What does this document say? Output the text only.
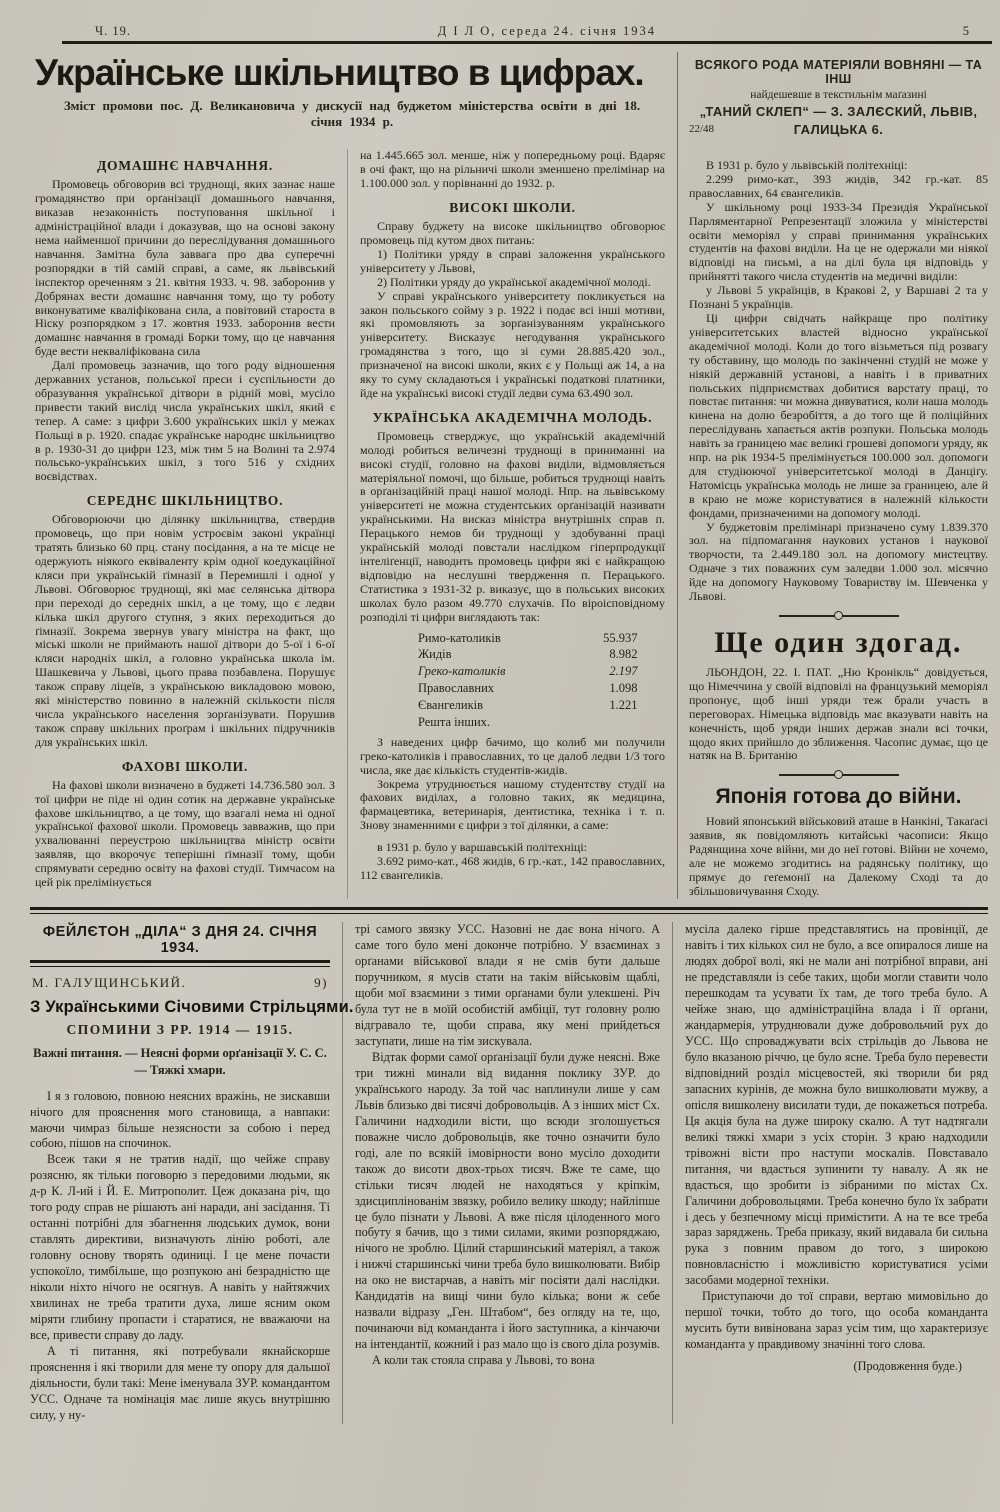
Ч. 19.	Д І Л О, середа 24. січня 1934	5
Українське шкільництво в цифрах.
Зміст промови пос. Д. Великановича у дискусії над буджетом міністерства освіти в дні 18. січня 1934 р.
ДОМАШНЄ НАВЧАННЯ.

Промовець обговорив всі труднощі, яких зазнає наше громадянство при орґанізації домашнього навчання, виказав незаконність поступовання шкільної і адміністраційної влади і доказував, що на основі закону нема найменшої причини до переслідування домашнього навчання. Замітна була заввага про два суперечні розпорядки в тій самій справі, а саме, як львівський інспектор oреченням з 21. квітня 1933. ч. 98. заборонив у Добрянах вести домашнє навчання тому, що ту роботу виконуватиме кваліфікована сила, а повітовий староста в Ніску розпорядком з 17. жовтня 1933. заборонив вести домашнє навчання в громаді Борки тому, що це навчання буде вести некваліфікована сила

Далі промовець зазначив, що того роду відношення державних установ, польської преси і суспільности до образування української дітвори в рідній мові, мусіло привести такий вислід числа українських шкіл, який є тепер. А саме: з цифри 3.600 українських шкіл у межах Польщі в р. 1920. спадає українське народнє шкільництво в р. 1930-31 до цифри 123, між тим 5 на Волині та 2.974 польсько-українських шкіл, з того 516 у східних воєвідствах.

СЕРЕДНЄ ШКІЛЬНИЦТВО.

Обговорюючи цю ділянку шкільництва, ствердив промовець, що при новім устроєвім законі українці тратять близько 60 прц. стану посідання, а на те місце не одержують ніякого еквіваленту крім одної коедукаційної кляси при українській ґімназії в Перемишлі і одної у Львові. Обговорює труднощі, які має селянська дітвора при переході до середніх шкіл, а це тому, що є ледви кілька шкіл другого ступня, з яких переходиться до ґімназії. Зокрема звернув увагу міністра на факт, що міські школи не приймають нашої дітвори до 5-ої і 6-ої кляси народніх шкіл, а головно українська школа ім. Шашкевича у Львові, цього права позбавлена. Порушує також справу ліцеїв, з українською викладовою мовою, які міністерство повинно в належній скількости після числа українського населення зорґанізувати. Порушив також справу шкільних проґрам і шкільних підручників для українських шкіл.

ФАХОВІ ШКОЛИ.

На фахові школи визначено в буджеті 14.736.580 зол. З тої цифри не піде ні один сотик на державне українське фахове шкільництво, а це тому, що взагалі нема ні одної української фахової школи. Промовець завважив, що при ухвалюванні переустрою шкільництва міністр освіти заявляв, що вкорочує теперішні ґімназії тому, щоби спрямувати середню освіту на фахові студії. Тимчасом на цей рік прелімінується

на 1.445.665 зол. менше, ніж у попередньому році. Вдаряє в очі факт, що на рільничі школи зменшено прелімінар на 1.100.000 зол. у порівнанні до 1932. р.

ВИСОКІ ШКОЛИ.

Справу буджету на високе шкільництво обговорює промовець під кутом двох питань:

1) Політики уряду в справі заложення українського університету у Львові,

2) Політики уряду до української академічної молоді.

У справі українського університету покликується на закон польського сойму з р. 1922 і подає всі інші мотиви, які промовляють за зорґанізуванням українського університету. Висказує негодування українського громадянства з того, що зі суми 28.885.420 зол., призначеної на високі школи, яких є у Польщі аж 14, а на яку то суму складаються і українські податкові платники, йде на українські високі студії ледви сума 63.490 зол.

УКРАЇНСЬКА АКАДЕМІЧНА МОЛОДЬ.

Промовець стверджує, що українській академічній молоді робиться величезні труднощі в приниманні на високі студії, головно на фахові виділи, відмовляється матеріяльної помочі, що більше, робиться труднощі навіть в орґанізаційній праці нашої молоді. Нпр. на львівському університеті не можна студентських орґанізацій називати українськими. На висказ міністра внутрішніх справ п. Перацького немов би труднощі у здобуванні праці українській молоді повстали наслідком гіперпродукції інтеліґенції, наводить промовець цифри які є найкращою відповідю на неслушні твердження п. Перацького. Статистика з 1931-32 р. виказує, що в польських високих школах було разом 49.770 слухачів. По віроісповідному розподілі ті цифри виглядають так:

Римо-католиків	55.937
Жидів	8.982
Греко-католиків	2.197
Православних	1.098
Євангеликів	1.221
Решта інших.

З наведених цифр бачимо, що колиб ми получили греко-католиків і православних, то це далоб ледви 1/3 того числа, яке дає кількість студентів-жидів.

Зокрема утруднюється нашому студентству студії на фахових виділах, а головно таких, як медицина, фармацевтика, ветеринарія, дентистика, техніка і т. п. Знову знаменними є цифри з тої ділянки, а саме:

в 1931 р. було у варшавській політехніці:

3.692 римо-кат., 468 жидів, 6 гр.-кат., 142 православних, 112 євангеликів.

ВСЯКОГО РОДА МАТЕРІЯЛИ ВОВНЯНІ — ТА ІНШ
найдешевше в текстильнім маґазині
„ТАНИЙ СКЛЕП“ — З. ЗАЛЄСКИЙ, ЛЬВІВ,
ГАЛИЦЬКА 6.
22/48

В 1931 р. було у львівській політехніці:

2.299 римо-кат., 393 жидів, 342 гр.-кат. 85 православних, 64 євангеликів.

У шкільному році 1933-34 Президія Української Парляментарної Репрезентації зложила у міністерстві освіти меморіял у справі принимання українських студентів на фахові виділи. На це не одержали ми ніякої відповіді на письмі, а на ділі була ця відповідь у прийнятті такого числа студентів на медичні виділи:

у Львові 5 українців, в Кракові 2, у Варшаві 2 та у Познані 5 українців.

Ці цифри свідчать найкраще про політику університетських властей відносно української академічної молоді. Коли до того візьметься під розвагу ту обставину, що молодь по закінченні студій не може у ніякій державній установі, а навіть і в приватних польських підприємствах добитися варстату праці, то повстає питання: чи можна дивуватися, коли наша молодь кинена на долю безробіття, а до того ще й поліційних переслідувань хапається актів розпуки. Польська молодь навіть за границею має великі грошеві допомоги уряду, як нпр. на рік 1934-5 прелімінується 100.000 зол. допомоги для студіюючої університетської молоді в Данціґу. Натомісць українська молодь не лише за границею, але й в краю не може користуватися в належній кількости фондами, призначеними на допомогу молоді.

У буджетовім прелімінарі призначено суму 1.839.370 зол. на підпомагання наукових установ і наукової творчости, та 2.449.180 зол. на допомогу мистецтву. Одначе з тих поважних сум заледви 1.000 зол. місячно йде на допомогу Науковому Товариству ім. Шевченка у Львові.

Ще один здогад.

ЛЬОНДОН, 22. І. ПАТ. „Ню Кронікль“ довідується, що Німеччина у своїй відповілі на французький меморіял пропонує, щоб інші уряди теж брали участь в переговорах. Німецька відповідь має вказувати навіть на конечність, щоб уряди інших держав знали всі точки, щодо яких прийшло до зближення. Часопис думає, що це натяк на В. Британію

Японія готова до війни.

Новий японський військовий аташе в Нанкіні, Такаґасі заявив, як повідомляють китайські часописи: Якщо Радянщина хоче війни, ми до неї готові. Війни не хочемо, але не можемо згодитись на радянську політику, що прямує до геґемонії на Далекому Сході та до збільшовичування Сходу.

ФЕЙЛЄТОН „ДІЛА“ З ДНЯ 24. СІЧНЯ 1934.
М. ГАЛУЩИНСЬКИЙ.	9)
З Українськими Січовими Стрільцями.
СПОМИНИ З РР. 1914 — 1915.
Важні питання. — Неясні форми орґанізації У. С. С. — Тяжкі хмари.

І я з головою, повною неясних вражінь, не зискавши нічого для прояснення мого становища, а навпаки: маючи чимраз більше незясности за собою і перед собою, пішов на спочинок.

Всеж таки я не тратив надії, що чейже справу розясню, як тільки поговорю з передовими людьми, як д-р К. Л-ий і Й. Е. Митрополит. Цеж доказана річ, що того роду справ не рішають ані наради, ані засідання. Ті останні потрібні для збагнення людських думок, вони ставлять директиви, визначують лінію роботі, але головну основу творять одиниці. І це мене почасти успокоїло, тимбільше, що розпукою ані безрадністю ще ніколи ніхто нічого не осягнув. А навіть у найтяжчих хвилинах не треба тратити духа, лише ясним оком міряти глибину пропасти і старатися, не вважаючи на все, привести справу до ладу.

А ті питання, які потребували якнайскорше прояснення і які творили для мене ту опору для дальшої діяльности, були такі: Мене іменувала ЗУР. командантом УСС. Одначе та номінація має лише якусь внутрішню силу, у ну-

трі самого звязку УСС. Назовні не дає вона нічого. А саме того було мені доконче потрібно. У взаєминах з орґанами військової влади я не смів бути дальше поручником, я мусів стати на такім військовім щаблі, щоби мої взаємини з тими орґанами були улекшені. Річ була тут не в моїй особистій амбіції, тут головну ролю відгравало те, щоби справа, яку мені прийдеться заступати, лише на тім зискувала.

Відтак форми самої орґанізації були дуже неясні. Вже три тижні минали від видання покликy ЗУР. до українського народу. За той час наплинули лише у сам Львів близько дві тисячі добровольців. А з інших міст Сх. Галичини надходили вісти, що всюди зголошується поважне число добровольців, яке точно означити було годі, але по всякій імовірности воно мусіло доходити також до висоти двох-трьох тисяч. Вже те саме, що стільки тисяч людей не находяться у кріпкім, здисциплінованім звязку, робило велику шкоду; найліпше це було пізнати у Львові. А вже після цілоденного мого побуту я бачив, що з тими силами, якими розпоряджаю, нічого не зроблю. Цілий старшинський матеріял, а також і нижчі старшинські чини треба було вишколювати. Вибір на око не вистарчав, а навіть міг посіяти далі наслідки. Кандидатів на вищі чини було кілька; вони ж себе назвали відразу „Ген. Штабом“, без огляду на те, що, починаючи від команданта і його заступника, а кінчаючи на інтендантії, кожний і раз мало що із свого діла розумів.

А коли так стояла справа у Львові, то вона

мусіла далеко гірше представлятись на провінції, де навіть і тих кількох сил не було, а все опиралося лише на людях доброї волі, які не мали ані потрібної вправи, ані не представляли із себе таких, щоби могли ставити чоло перешкодам та усувати їх там, де того треба було. А чейже знаю, що адміністраційна влада і її орґани, жандармерія, утруднювали дуже добровольчий рух до УСС. Що спроваджувати всіх стрільців до Львова не було вказаною річчю, це було ясне. Треба було перевести відповідний розділ місцевостей, які творили би ряд запасних курінів, де можна було вишколювати мужву, а опісля вишколену висилати туди, де покажеться потреба. Ця акція була на дуже широку скалю. А тут надтягали великі тяжкі хмари з усіх сторін. З краю надходили трівожні вісти про наступи москалів. Повставало питання, чи вдасться зупинити ту навалу. А як не вдасться, що зробити із зібраними по містах Сх. Галичини добровольцями. Треба конечно було їх забрати і десь у безпечному місці примістити. А на те все треба зараз заряджень. Треба приказу, який видавала би сильна рука з повним правом до того, з широкою повновласністю і можливістю користуватися усіми засобами модерної техніки.

Приступаючи до тої справи, вертаю мимовільно до першої точки, тобто до того, що особа команданта мусить бути вивінована зараз усім тим, що характеризує команданта у правдивому значінні того слова.

(Продовження буде.)
